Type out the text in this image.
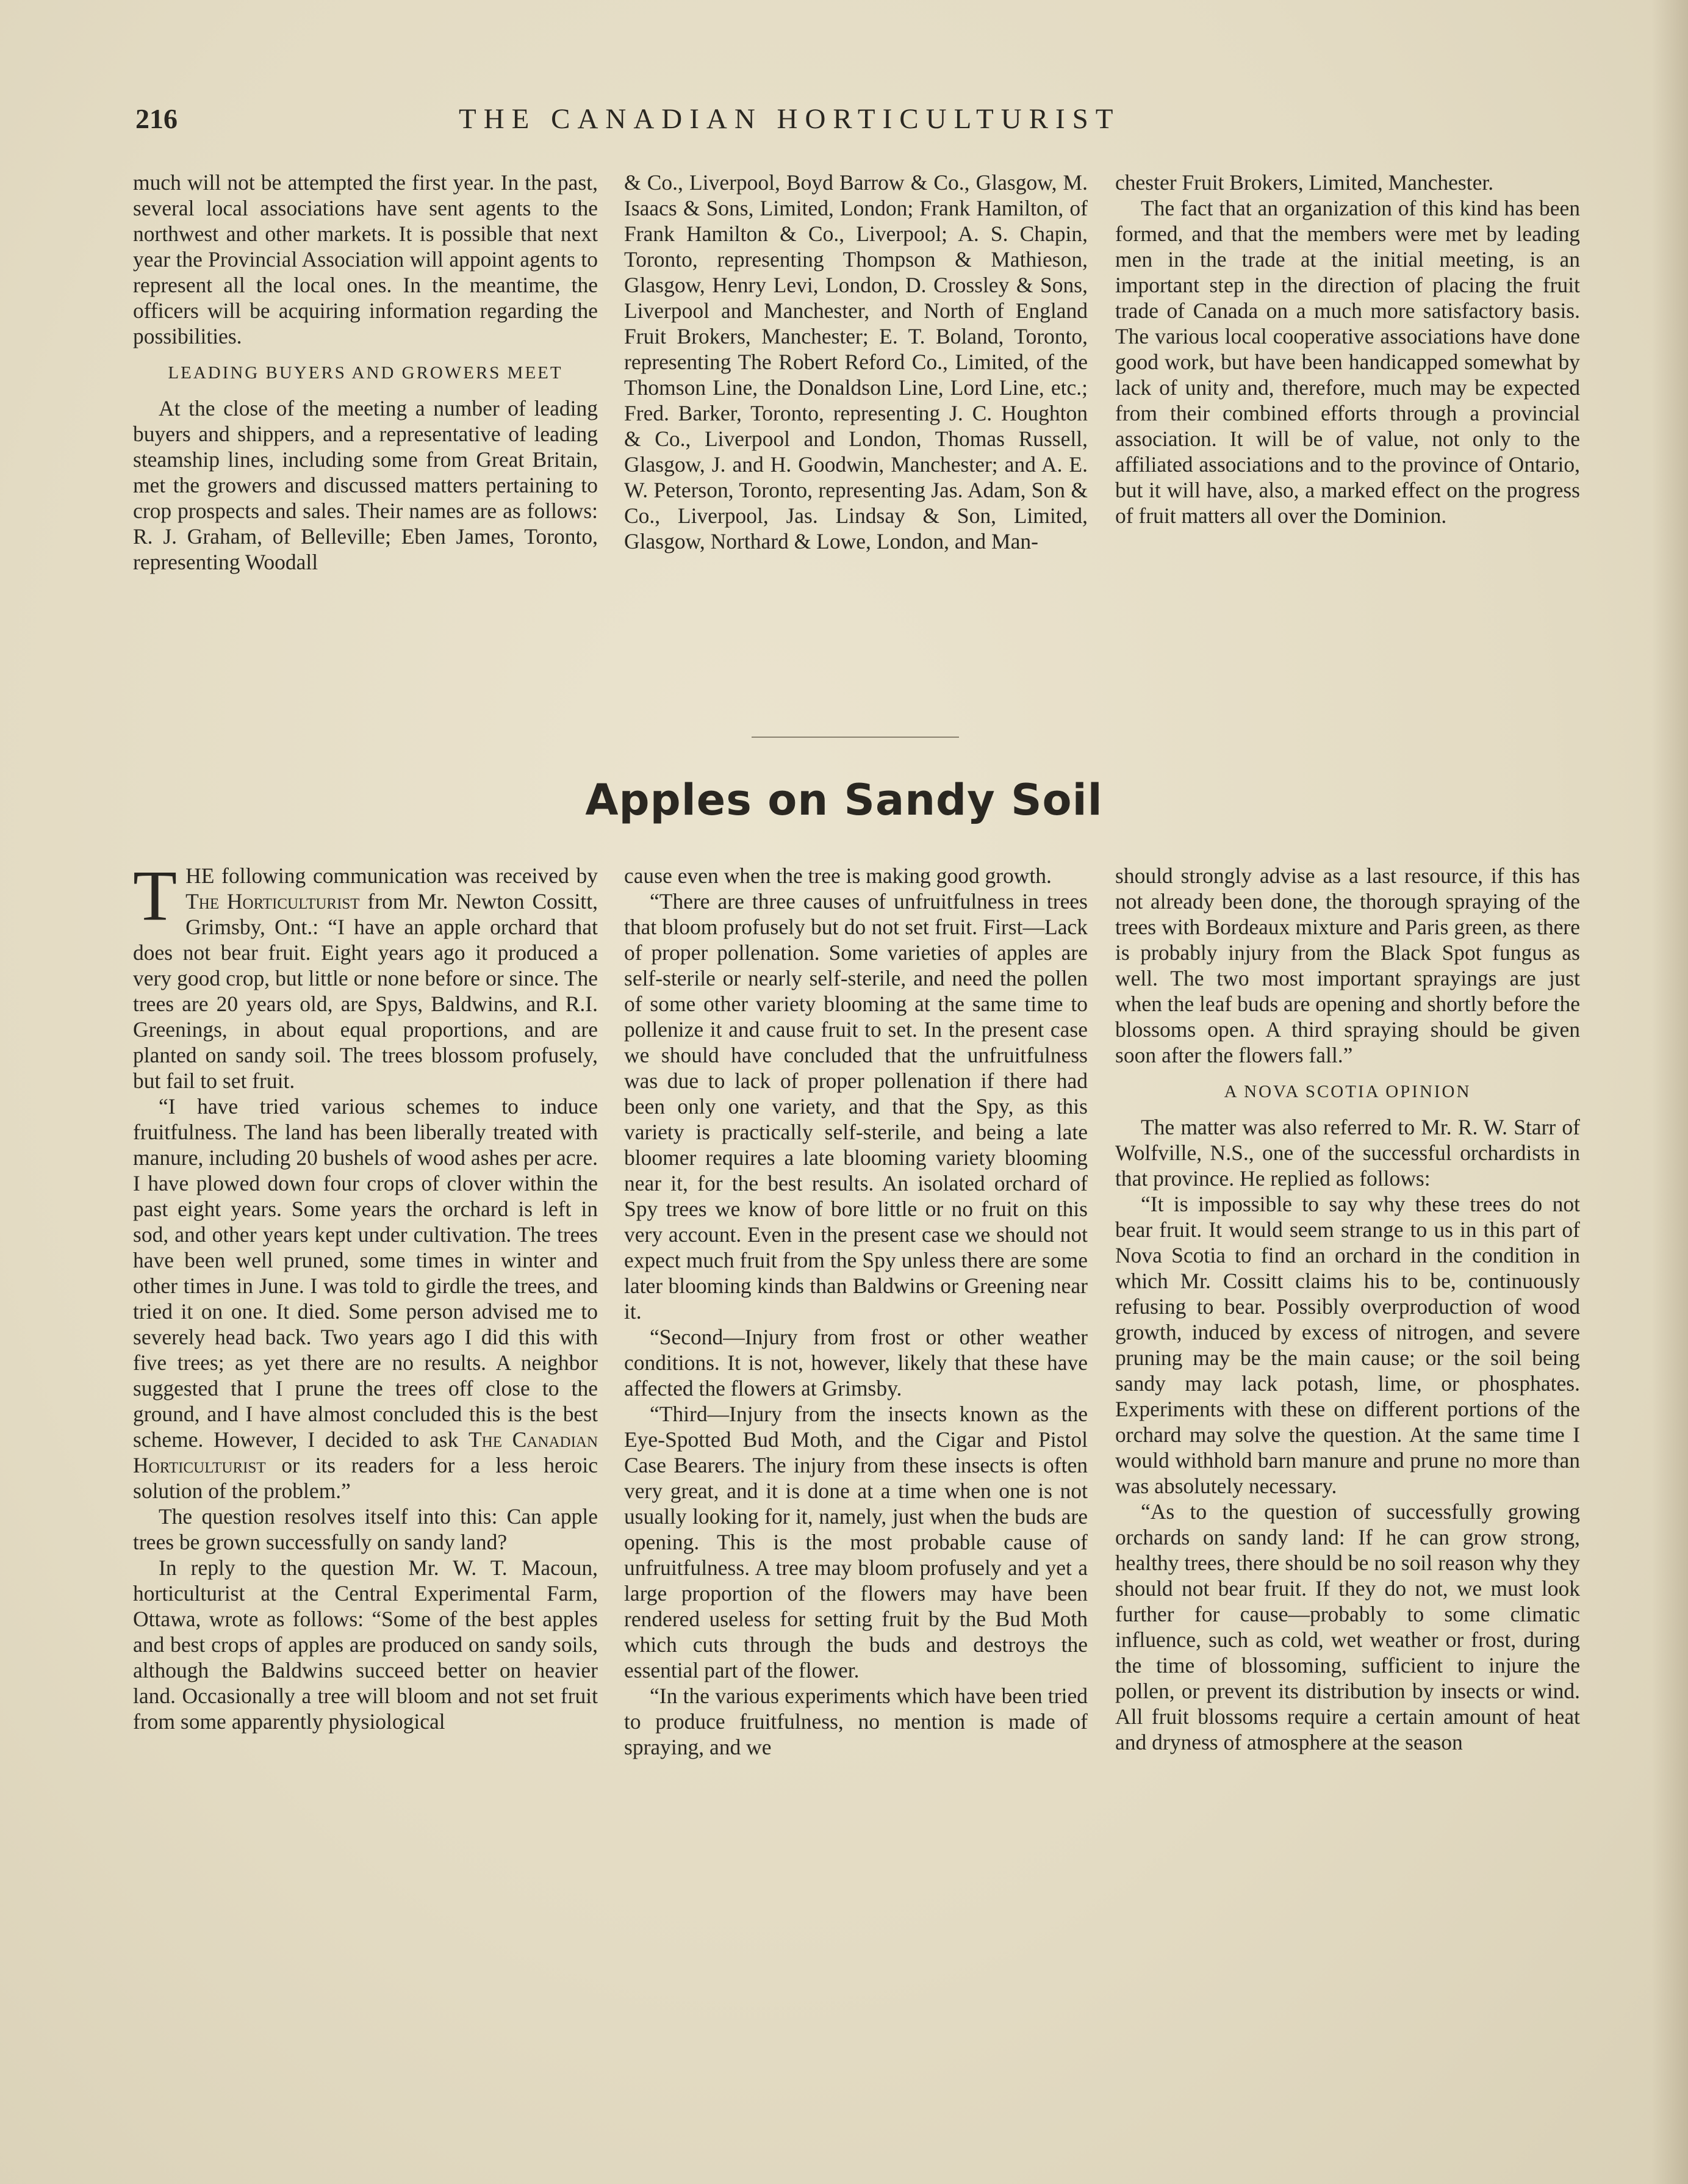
216	THE CANADIAN HORTICULTURIST

much will not be attempted the first year. In the past, several local associations have sent agents to the northwest and other markets. It is possible that next year the Provincial Association will appoint agents to represent all the local ones. In the meantime, the officers will be acquiring information regarding the possibilities.

LEADING BUYERS AND GROWERS MEET

At the close of the meeting a number of leading buyers and shippers, and a representative of leading steamship lines, including some from Great Britain, met the growers and discussed matters pertaining to crop prospects and sales. Their names are as follows: R. J. Graham, of Belleville; Eben James, Toronto, representing Woodall

& Co., Liverpool, Boyd Barrow & Co., Glasgow, M. Isaacs & Sons, Limited, London; Frank Hamilton, of Frank Hamilton & Co., Liverpool; A. S. Chapin, Toronto, representing Thompson & Mathieson, Glasgow, Henry Levi, London, D. Crossley & Sons, Liverpool and Manchester, and North of England Fruit Brokers, Manchester; E. T. Boland, Toronto, representing The Robert Reford Co., Limited, of the Thomson Line, the Donaldson Line, Lord Line, etc.; Fred. Barker, Toronto, representing J. C. Houghton & Co., Liverpool and London, Thomas Russell, Glasgow, J. and H. Goodwin, Manchester; and A. E. W. Peterson, Toronto, representing Jas. Adam, Son & Co., Liverpool, Jas. Lindsay & Son, Limited, Glasgow, Northard & Lowe, London, and Man-

chester Fruit Brokers, Limited, Manchester.

The fact that an organization of this kind has been formed, and that the members were met by leading men in the trade at the initial meeting, is an important step in the direction of placing the fruit trade of Canada on a much more satisfactory basis. The various local cooperative associations have done good work, but have been handicapped somewhat by lack of unity and, therefore, much may be expected from their combined efforts through a provincial association. It will be of value, not only to the affiliated associations and to the province of Ontario, but it will have, also, a marked effect on the progress of fruit matters all over the Dominion.

Apples on Sandy Soil

THE following communication was received by The Horticulturist from Mr. Newton Cossitt, Grimsby, Ont.: “I have an apple orchard that does not bear fruit. Eight years ago it produced a very good crop, but little or none before or since. The trees are 20 years old, are Spys, Baldwins, and R.I. Greenings, in about equal proportions, and are planted on sandy soil. The trees blossom profusely, but fail to set fruit.

“I have tried various schemes to induce fruitfulness. The land has been liberally treated with manure, including 20 bushels of wood ashes per acre. I have plowed down four crops of clover within the past eight years. Some years the orchard is left in sod, and other years kept under cultivation. The trees have been well pruned, some times in winter and other times in June. I was told to girdle the trees, and tried it on one. It died. Some person advised me to severely head back. Two years ago I did this with five trees; as yet there are no results. A neighbor suggested that I prune the trees off close to the ground, and I have almost concluded this is the best scheme. However, I decided to ask The Canadian Horticulturist or its readers for a less heroic solution of the problem.”

The question resolves itself into this: Can apple trees be grown successfully on sandy land?

In reply to the question Mr. W. T. Macoun, horticulturist at the Central Experimental Farm, Ottawa, wrote as follows: “Some of the best apples and best crops of apples are produced on sandy soils, although the Baldwins succeed better on heavier land. Occasionally a tree will bloom and not set fruit from some apparently physiological

cause even when the tree is making good growth.

“There are three causes of unfruitfulness in trees that bloom profusely but do not set fruit. First—Lack of proper pollenation. Some varieties of apples are self-sterile or nearly self-sterile, and need the pollen of some other variety blooming at the same time to pollenize it and cause fruit to set. In the present case we should have concluded that the unfruitfulness was due to lack of proper pollenation if there had been only one variety, and that the Spy, as this variety is practically self-sterile, and being a late bloomer requires a late blooming variety blooming near it, for the best results. An isolated orchard of Spy trees we know of bore little or no fruit on this very account. Even in the present case we should not expect much fruit from the Spy unless there are some later blooming kinds than Baldwins or Greening near it.

“Second—Injury from frost or other weather conditions. It is not, however, likely that these have affected the flowers at Grimsby.

“Third—Injury from the insects known as the Eye-Spotted Bud Moth, and the Cigar and Pistol Case Bearers. The injury from these insects is often very great, and it is done at a time when one is not usually looking for it, namely, just when the buds are opening. This is the most probable cause of unfruitfulness. A tree may bloom profusely and yet a large proportion of the flowers may have been rendered useless for setting fruit by the Bud Moth which cuts through the buds and destroys the essential part of the flower.

“In the various experiments which have been tried to produce fruitfulness, no mention is made of spraying, and we

should strongly advise as a last resource, if this has not already been done, the thorough spraying of the trees with Bordeaux mixture and Paris green, as there is probably injury from the Black Spot fungus as well. The two most important sprayings are just when the leaf buds are opening and shortly before the blossoms open. A third spraying should be given soon after the flowers fall.”

A NOVA SCOTIA OPINION

The matter was also referred to Mr. R. W. Starr of Wolfville, N.S., one of the successful orchardists in that province. He replied as follows:

“It is impossible to say why these trees do not bear fruit. It would seem strange to us in this part of Nova Scotia to find an orchard in the condition in which Mr. Cossitt claims his to be, continuously refusing to bear. Possibly overproduction of wood growth, induced by excess of nitrogen, and severe pruning may be the main cause; or the soil being sandy may lack potash, lime, or phosphates. Experiments with these on different portions of the orchard may solve the question. At the same time I would withhold barn manure and prune no more than was absolutely necessary.

“As to the question of successfully growing orchards on sandy land: If he can grow strong, healthy trees, there should be no soil reason why they should not bear fruit. If they do not, we must look further for cause—probably to some climatic influence, such as cold, wet weather or frost, during the time of blossoming, sufficient to injure the pollen, or prevent its distribution by insects or wind. All fruit blossoms require a certain amount of heat and dryness of atmosphere at the season
